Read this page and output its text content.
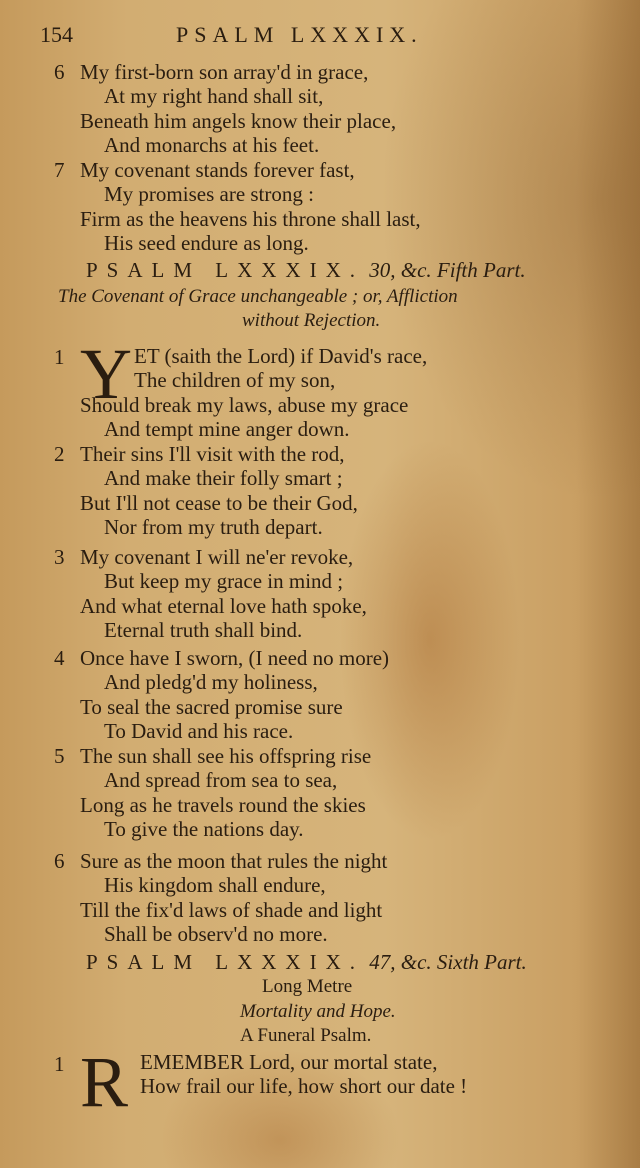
154	PSALM LXXXIX.
6 My first-born son array'd in grace,
At my right hand shall sit,
Beneath him angels know their place,
And monarchs at his feet.
7 My covenant stands forever fast,
My promises are strong :
Firm as the heavens his throne shall last,
His seed endure as long.
PSALM LXXXIX. 30, &c. Fifth Part.
The Covenant of Grace unchangeable ; or, Affliction
without Rejection.
1 Y ET (saith the Lord) if David's race,
The children of my son,
Should break my laws, abuse my grace
And tempt mine anger down.
2 Their sins I'll visit with the rod,
And make their folly smart ;
But I'll not cease to be their God,
Nor from my truth depart.
3 My covenant I will ne'er revoke,
But keep my grace in mind ;
And what eternal love hath spoke,
Eternal truth shall bind.
4 Once have I sworn, (I need no more)
And pledg'd my holiness,
To seal the sacred promise sure
To David and his race.
5 The sun shall see his offspring rise
And spread from sea to sea,
Long as he travels round the skies
To give the nations day.
6 Sure as the moon that rules the night
His kingdom shall endure,
Till the fix'd laws of shade and light
Shall be observ'd no more.
PSALM LXXXIX. 47, &c. Sixth Part.
Long Metre
Mortality and Hope.
A Funeral Psalm.
1 R EMEMBER Lord, our mortal state,
How frail our life, how short our date !
